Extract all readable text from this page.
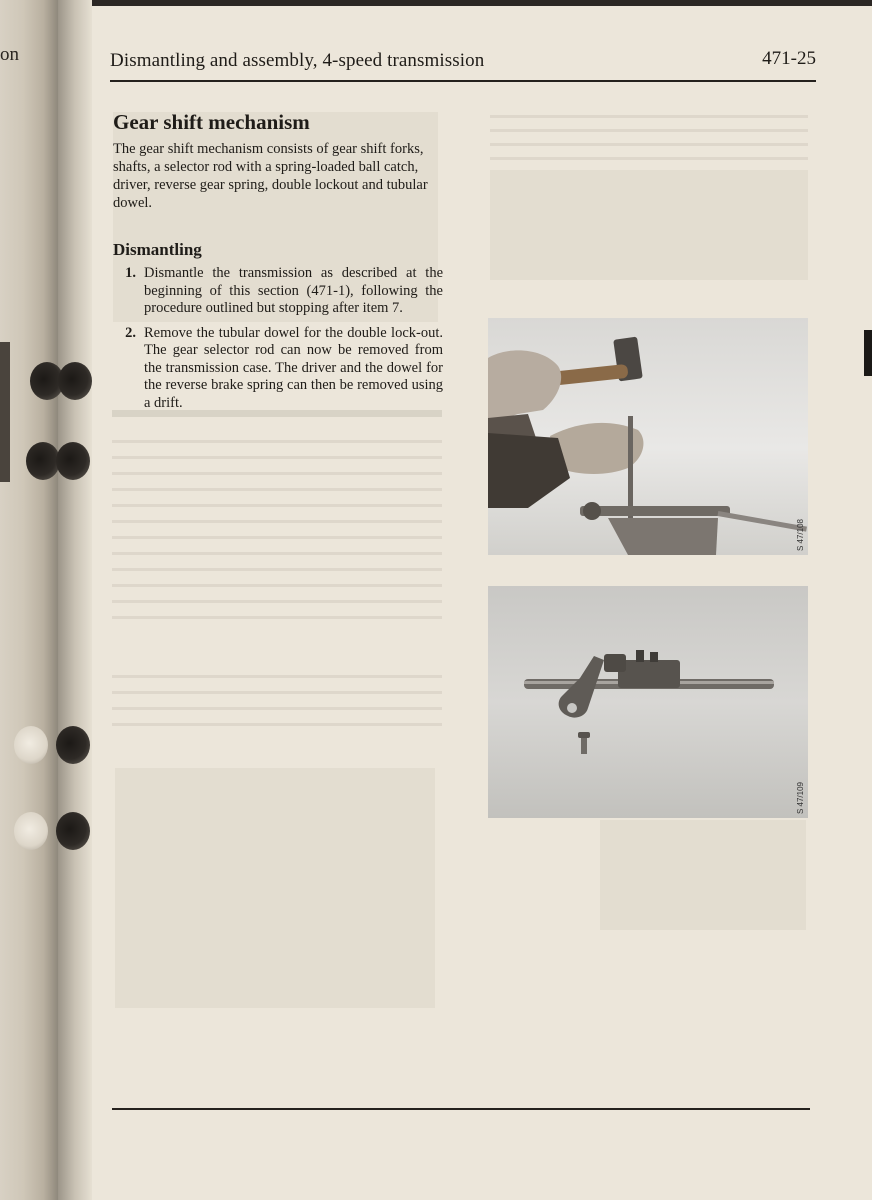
on	Dismantling and assembly, 4-speed transmission	471-25
Gear shift mechanism
The gear shift mechanism consists of gear shift forks, shafts, a selector rod with a spring-loaded ball catch, driver, reverse gear spring, double lockout and tubular dowel.
Dismantling
1. Dismantle the transmission as described at the beginning of this section (471-1), following the procedure outlined but stopping after item 7.
2. Remove the tubular dowel for the double lock-out. The gear selector rod can now be removed from the transmission case. The driver and the dowel for the reverse brake spring can then be removed using a drift.
S 47/108
S 47/109
